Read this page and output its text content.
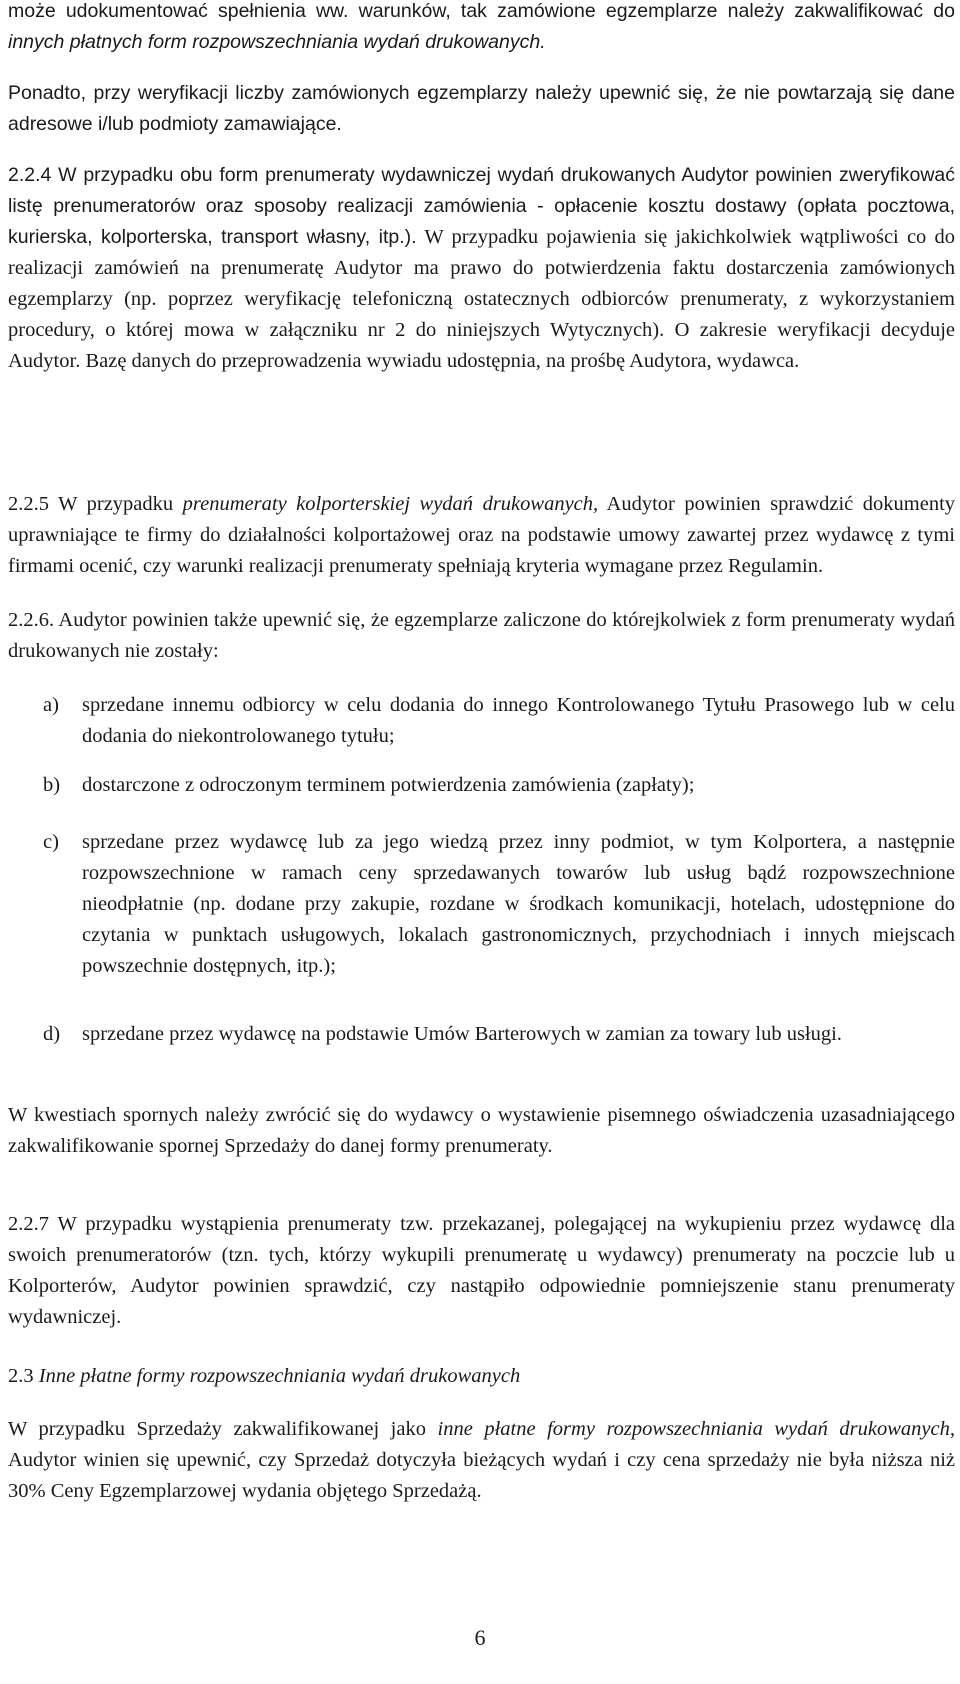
może udokumentować spełnienia ww. warunków, tak zamówione egzemplarze należy zakwalifikować do innych płatnych form rozpowszechniania wydań drukowanych.

Ponadto, przy weryfikacji liczby zamówionych egzemplarzy należy upewnić się, że nie powtarzają się dane adresowe i/lub podmioty zamawiające.

2.2.4 W przypadku obu form prenumeraty wydawniczej wydań drukowanych Audytor powinien zweryfikować listę prenumeratorów oraz sposoby realizacji zamówienia - opłacenie kosztu dostawy (opłata pocztowa, kurierska, kolporterska, transport własny, itp.). W przypadku pojawienia się jakichkolwiek wątpliwości co do realizacji zamówień na prenumeratę Audytor ma prawo do potwierdzenia faktu dostarczenia zamówionych egzemplarzy (np. poprzez weryfikację telefoniczną ostatecznych odbiorców prenumeraty, z wykorzystaniem procedury, o której mowa w załączniku nr 2 do niniejszych Wytycznych). O zakresie weryfikacji decyduje Audytor. Bazę danych do przeprowadzenia wywiadu udostępnia, na prośbę Audytora, wydawca.

2.2.5 W przypadku prenumeraty kolporterskiej wydań drukowanych, Audytor powinien sprawdzić dokumenty uprawniające te firmy do działalności kolportażowej oraz na podstawie umowy zawartej przez wydawcę z tymi firmami ocenić, czy warunki realizacji prenumeraty spełniają kryteria wymagane przez Regulamin.

2.2.6. Audytor powinien także upewnić się, że egzemplarze zaliczone do którejkolwiek z form prenumeraty wydań drukowanych nie zostały:

a) sprzedane innemu odbiorcy w celu dodania do innego Kontrolowanego Tytułu Prasowego lub w celu dodania do niekontrolowanego tytułu;
b) dostarczone z odroczonym terminem potwierdzenia zamówienia (zapłaty);
c) sprzedane przez wydawcę lub za jego wiedzą przez inny podmiot, w tym Kolportera, a następnie rozpowszechnione w ramach ceny sprzedawanych towarów lub usług bądź rozpowszechnione nieodpłatnie (np. dodane przy zakupie, rozdane w środkach komunikacji, hotelach, udostępnione do czytania w punktach usługowych, lokalach gastronomicznych, przychodniach i innych miejscach powszechnie dostępnych, itp.);
d) sprzedane przez wydawcę na podstawie Umów Barterowych w zamian za towary lub usługi.

W kwestiach spornych należy zwrócić się do wydawcy o wystawienie pisemnego oświadczenia uzasadniającego zakwalifikowanie spornej Sprzedaży do danej formy prenumeraty.

2.2.7 W przypadku wystąpienia prenumeraty tzw. przekazanej, polegającej na wykupieniu przez wydawcę dla swoich prenumeratorów (tzn. tych, którzy wykupili prenumeratę u wydawcy) prenumeraty na poczcie lub u Kolporterów, Audytor powinien sprawdzić, czy nastąpiło odpowiednie pomniejszenie stanu prenumeraty wydawniczej.

2.3 Inne płatne formy rozpowszechniania wydań drukowanych

W przypadku Sprzedaży zakwalifikowanej jako inne płatne formy rozpowszechniania wydań drukowanych, Audytor winien się upewnić, czy Sprzedaż dotyczyła bieżących wydań i czy cena sprzedaży nie była niższa niż 30% Ceny Egzemplarzowej wydania objętego Sprzedażą.

6
